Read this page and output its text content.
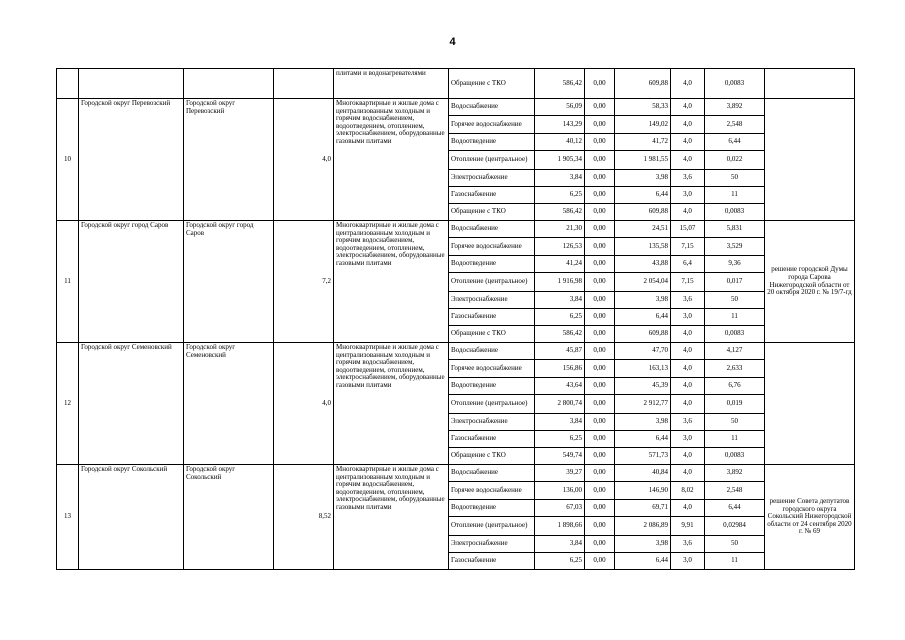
4
				плитами и водонагревателями	Обращение с ТКО	586,42	0,00	609,88	4,0	0,0083	
10	Городской округ Перевозский	Городской округ Перевозский	4,0	Многоквартирные и жилые дома с централизованным холодным и горячим водоснабжением, водоотведением, отоплением, электроснабжением, оборудованные газовыми плитами	Водоснабжение	56,09	0,00	58,33	4,0	3,892	
					Горячее водоснабжение	143,29	0,00	149,02	4,0	2,548	
					Водоотведение	40,12	0,00	41,72	4,0	6,44	
					Отопление (центральное)	1 905,34	0,00	1 981,55	4,0	0,022	
					Электроснабжение	3,84	0,00	3,98	3,6	50	
					Газоснабжение	6,25	0,00	6,44	3,0	11	
					Обращение с ТКО	586,42	0,00	609,88	4,0	0,0083	
11	Городской округ город Саров	Городской округ город Саров	7,2	Многоквартирные и жилые дома с централизованным холодным и горячим водоснабжением, водоотведением, отоплением, электроснабжением, оборудованные газовыми плитами	Водоснабжение	21,30	0,00	24,51	15,07	5,831	решение городской Думы города Сарова Нижегородской области от 20 октября 2020 г. № 19/7-гд
					Горячее водоснабжение	126,53	0,00	135,58	7,15	3,529	
					Водоотведение	41,24	0,00	43,88	6,4	9,36	
					Отопление (центральное)	1 916,98	0,00	2 054,04	7,15	0,017	
					Электроснабжение	3,84	0,00	3,98	3,6	50	
					Газоснабжение	6,25	0,00	6,44	3,0	11	
					Обращение с ТКО	586,42	0,00	609,88	4,0	0,0083	
12	Городской округ Семеновский	Городской округ Семеновский	4,0	Многоквартирные и жилые дома с централизованным холодным и горячим водоснабжением, водоотведением, отоплением, электроснабжением, оборудованные газовыми плитами	Водоснабжение	45,87	0,00	47,70	4,0	4,127	
					Горячее водоснабжение	156,86	0,00	163,13	4,0	2,633	
					Водоотведение	43,64	0,00	45,39	4,0	6,76	
					Отопление (центральное)	2 800,74	0,00	2 912,77	4,0	0,019	
					Электроснабжение	3,84	0,00	3,98	3,6	50	
					Газоснабжение	6,25	0,00	6,44	3,0	11	
					Обращение с ТКО	549,74	0,00	571,73	4,0	0,0083	
13	Городской округ Сокольский	Городской округ Сокольский	8,52	Многоквартирные и жилые дома с централизованным холодным и горячим водоснабжением, водоотведением, отоплением, электроснабжением, оборудованные газовыми плитами	Водоснабжение	39,27	0,00	40,84	4,0	3,892	решение Совета депутатов городского округа Сокольский Нижегородской области от 24 сентября 2020 г. № 69
					Горячее водоснабжение	136,00	0,00	146,90	8,02	2,548	
					Водоотведение	67,03	0,00	69,71	4,0	6,44	
					Отопление (центральное)	1 898,66	0,00	2 086,89	9,91	0,02984	
					Электроснабжение	3,84	0,00	3,98	3,6	50	
					Газоснабжение	6,25	0,00	6,44	3,0	11	
